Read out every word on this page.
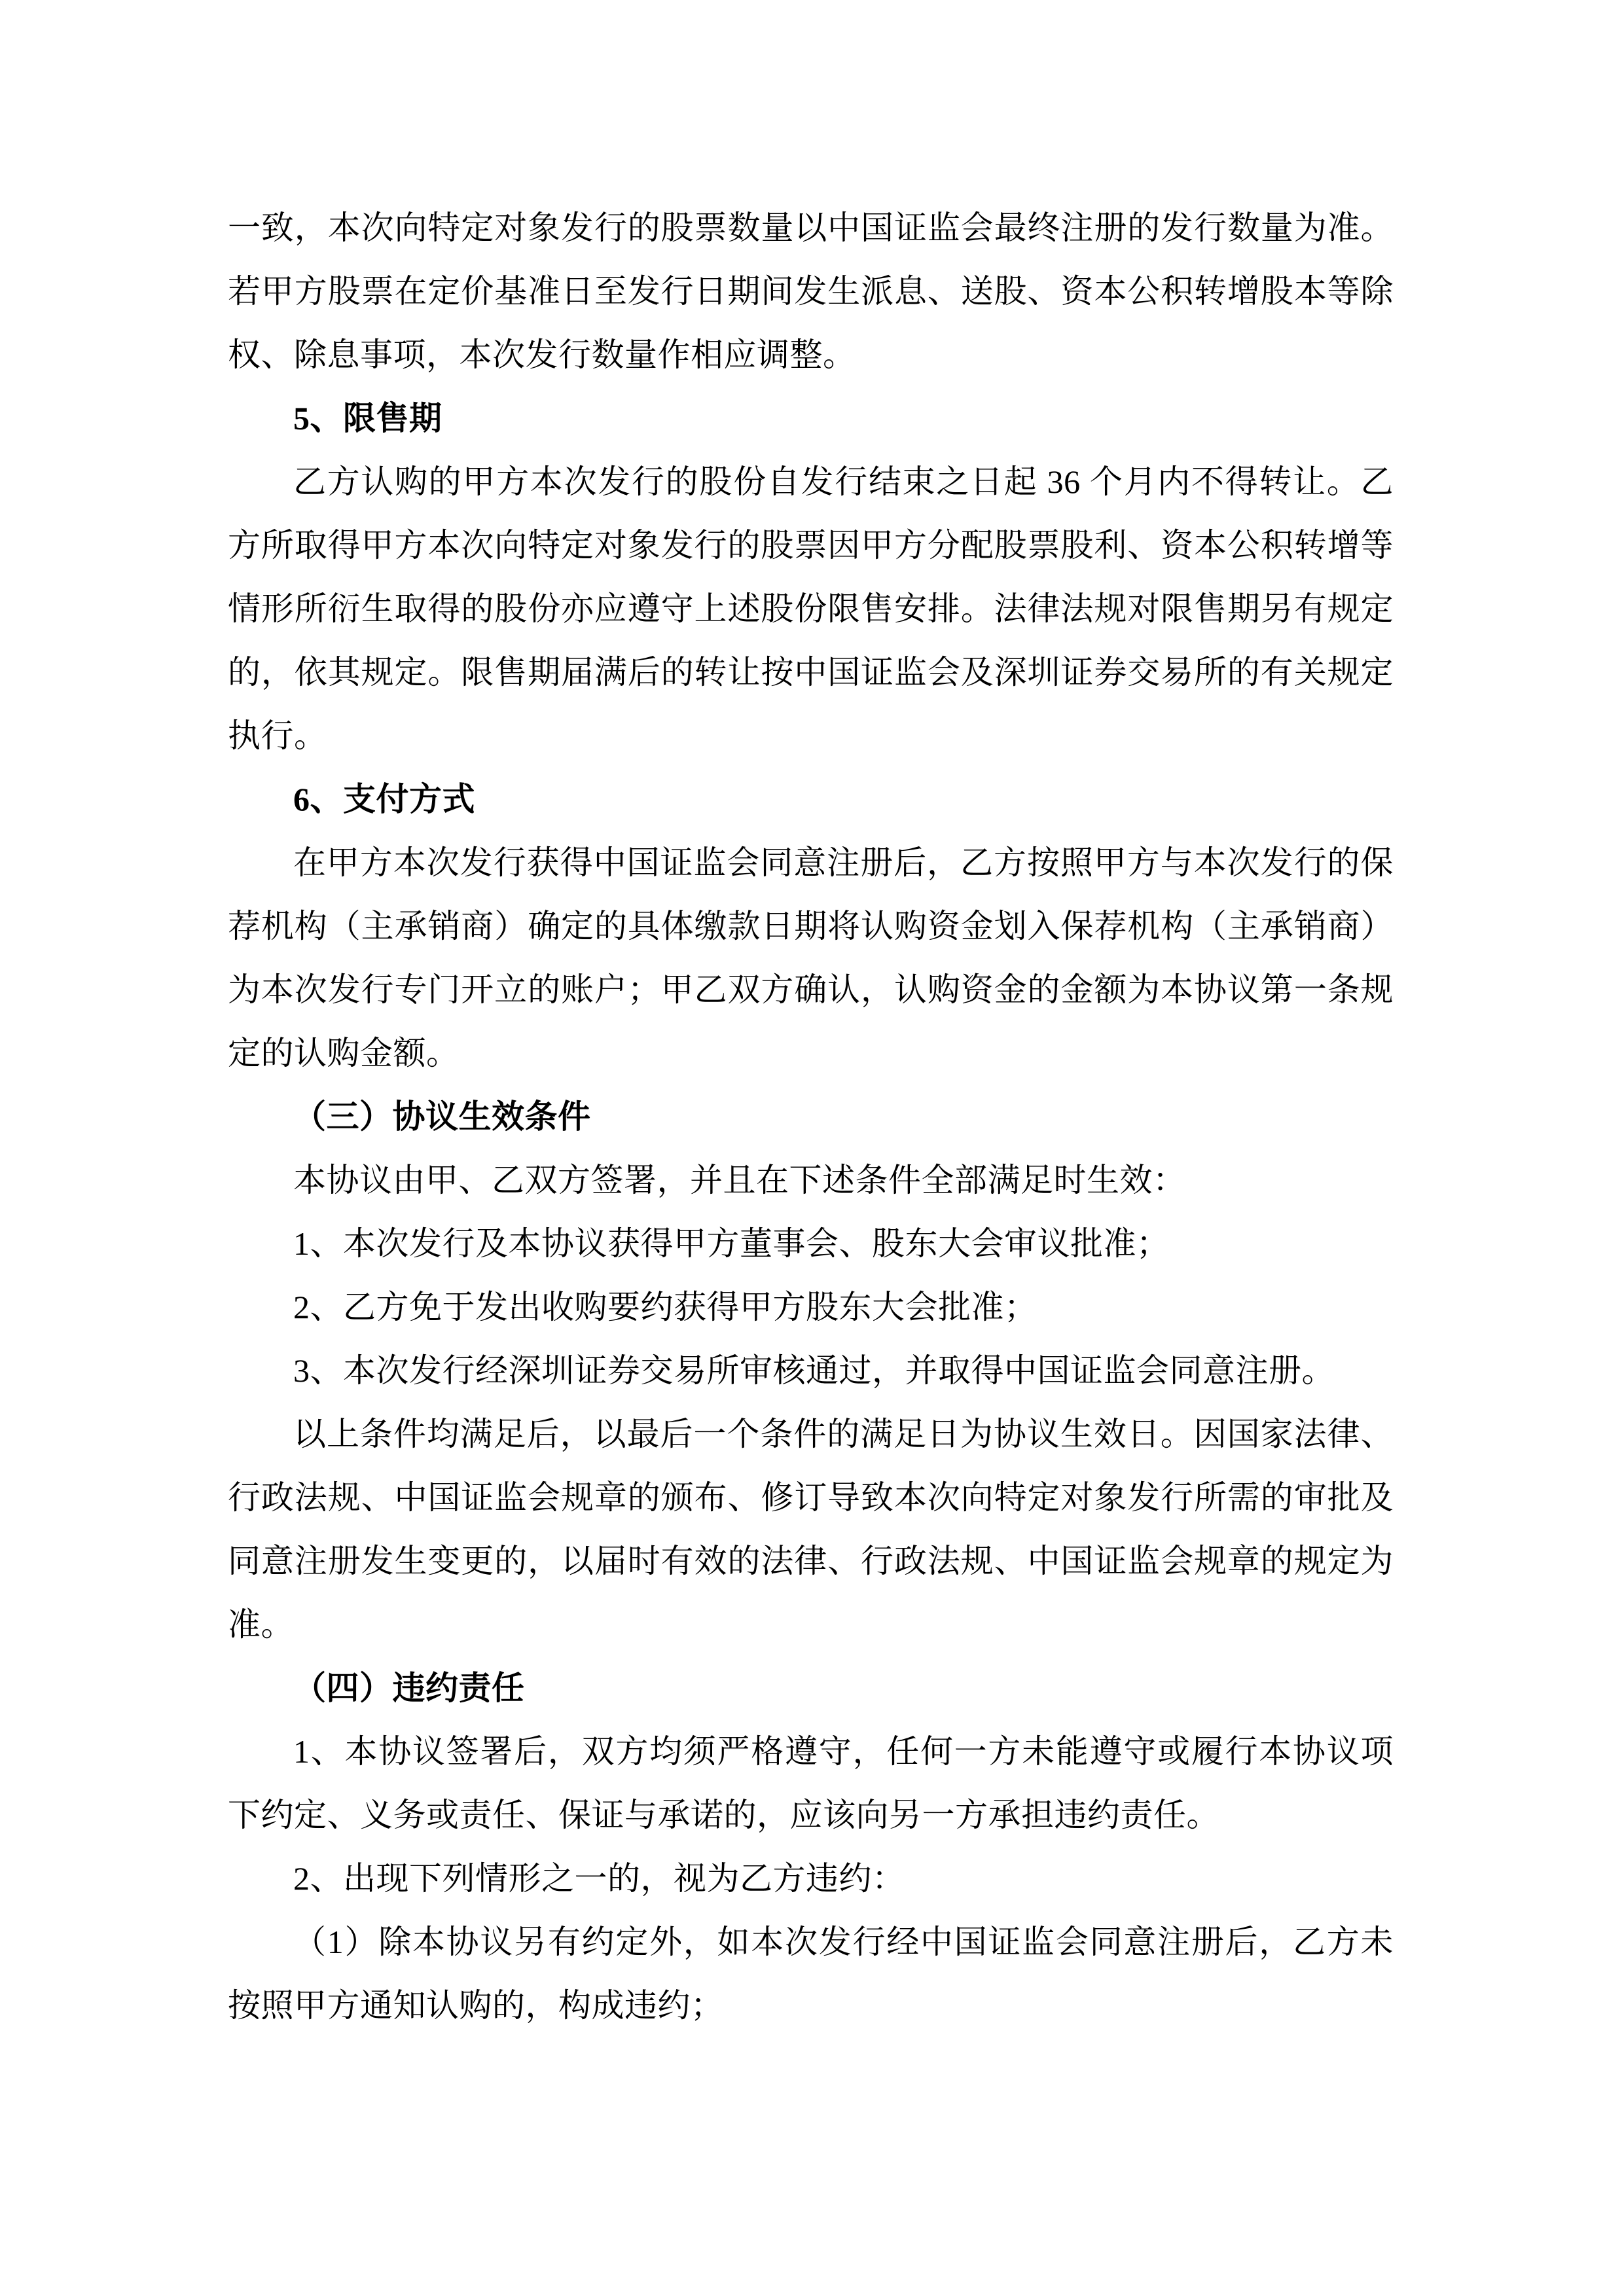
一致，本次向特定对象发行的股票数量以中国证监会最终注册的发行数量为准。若甲方股票在定价基准日至发行日期间发生派息、送股、资本公积转增股本等除权、除息事项，本次发行数量作相应调整。

5、限售期

乙方认购的甲方本次发行的股份自发行结束之日起 36 个月内不得转让。乙方所取得甲方本次向特定对象发行的股票因甲方分配股票股利、资本公积转增等情形所衍生取得的股份亦应遵守上述股份限售安排。法律法规对限售期另有规定的，依其规定。限售期届满后的转让按中国证监会及深圳证券交易所的有关规定执行。

6、支付方式

在甲方本次发行获得中国证监会同意注册后，乙方按照甲方与本次发行的保荐机构（主承销商）确定的具体缴款日期将认购资金划入保荐机构（主承销商）为本次发行专门开立的账户；甲乙双方确认，认购资金的金额为本协议第一条规定的认购金额。

（三）协议生效条件

本协议由甲、乙双方签署，并且在下述条件全部满足时生效：

1、本次发行及本协议获得甲方董事会、股东大会审议批准；

2、乙方免于发出收购要约获得甲方股东大会批准；

3、本次发行经深圳证券交易所审核通过，并取得中国证监会同意注册。

以上条件均满足后，以最后一个条件的满足日为协议生效日。因国家法律、行政法规、中国证监会规章的颁布、修订导致本次向特定对象发行所需的审批及同意注册发生变更的，以届时有效的法律、行政法规、中国证监会规章的规定为准。

（四）违约责任

1、本协议签署后，双方均须严格遵守，任何一方未能遵守或履行本协议项下约定、义务或责任、保证与承诺的，应该向另一方承担违约责任。

2、出现下列情形之一的，视为乙方违约：

（1）除本协议另有约定外，如本次发行经中国证监会同意注册后，乙方未按照甲方通知认购的，构成违约；
